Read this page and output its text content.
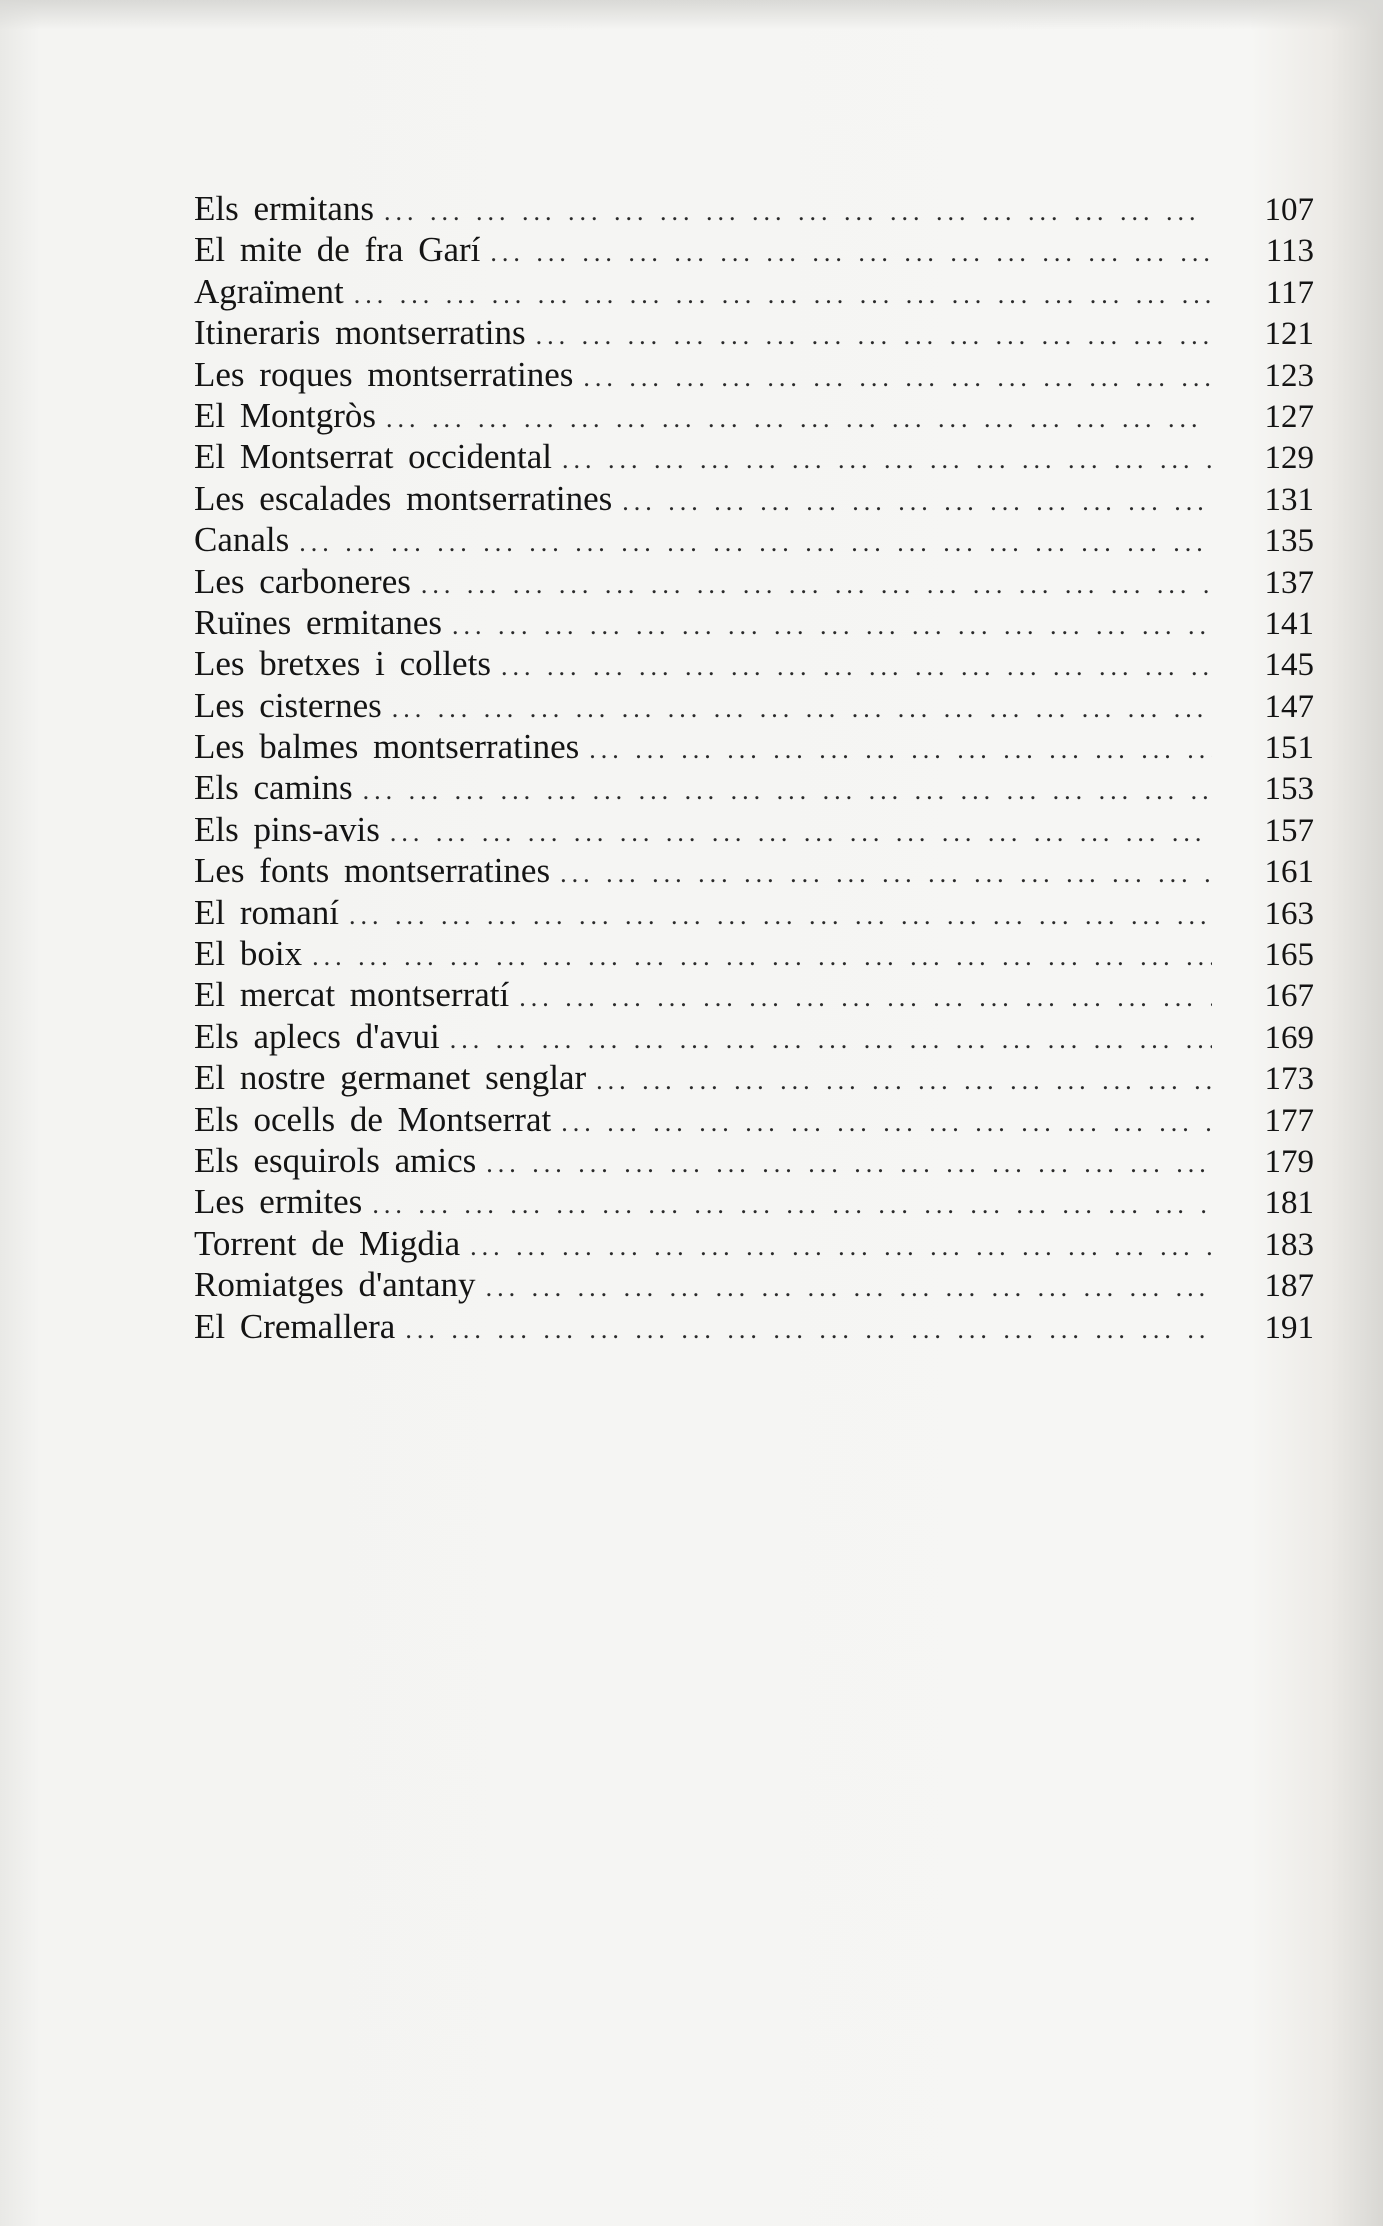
Els ermitans ... .	107
El mite de fra Garí ... .	113
Agraïment ... .	117
Itineraris montserratins ... .	121
Les roques montserratines ... .	123
El Montgròs ... .	127
El Montserrat occidental ... .	129
Les escalades montserratines ... .	131
Canals ... .	135
Les carboneres ... .	137
Ruïnes ermitanes ... .	141
Les bretxes i collets ... .	145
Les cisternes ... .	147
Les balmes montserratines ... .	151
Els camins ... .	153
Els pins-avis ... .	157
Les fonts montserratines ... .	161
El romaní ... .	163
El boix ... .	165
El mercat montserratí ... .	167
Els aplecs d'avui ... .	169
El nostre germanet senglar ... .	173
Els ocells de Montserrat ... .	177
Els esquirols amics ... .	179
Les ermites ... .	181
Torrent de Migdia ... .	183
Romiatges d'antany ... .	187
El Cremallera ... .	191
